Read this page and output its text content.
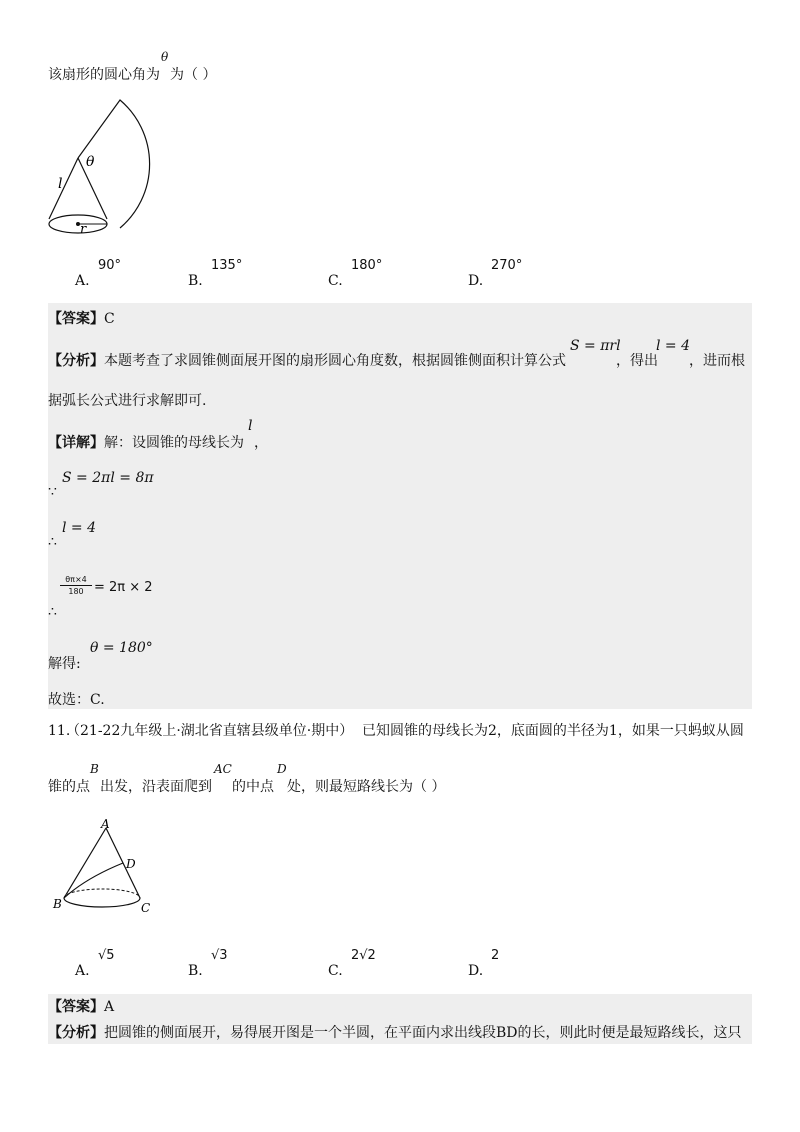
该扇形的圆心角为
θ
为（ ）
θ
l
r
A.
90°
B.
135°
C.
180°
D.
270°
【答案】 C
【分析】 本题考查了求圆锥侧面展开图的扇形圆心角度数，根据圆锥侧面积计算公式
S = πrl
，得出
l = 4
，进而根
据弧长公式进行求解即可.
【详解】 解：设圆锥的母线长为
l
，
S = 2πl = 8π
∵
l = 4
∴
$\frac{\theta\pi\times 4}{180} = 2\pi \times 2$
∴
解得:
θ = 180°
故选：C.
11.
（21-22九年级上·湖北省直辖县级单位·期中） 已知圆锥的母线长为2，底面圆的半径为1，如果一只蚂蚁从圆
锥的点
B
出发，沿表面爬到
AC
的中点
D
处，则最短路线长为（ ）
A
B	C
D
A.
√5
B.
√3
C.
2√2
D.
2
【答案】 A
【分析】 把圆锥的侧面展开，易得展开图是一个半圆，在平面内求出线段BD的长，则此时便是最短路线长，这只
